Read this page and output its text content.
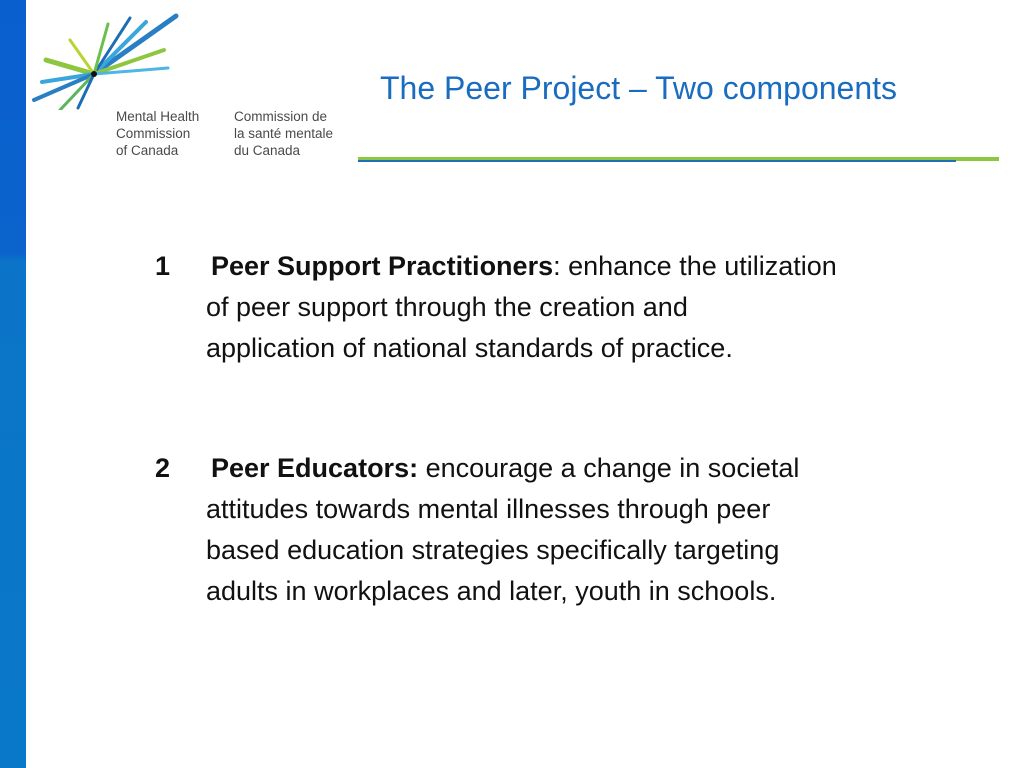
Mental Health
Commission
of Canada
Commission de
la santé mentale
du Canada
The Peer Project – Two components
1 Peer Support Practitioners: enhance the utilization
of peer support through the creation and
application of national standards of practice.
2 Peer Educators: encourage a change in societal
attitudes towards mental illnesses through peer
based education strategies specifically targeting
adults in workplaces and later, youth in schools.
